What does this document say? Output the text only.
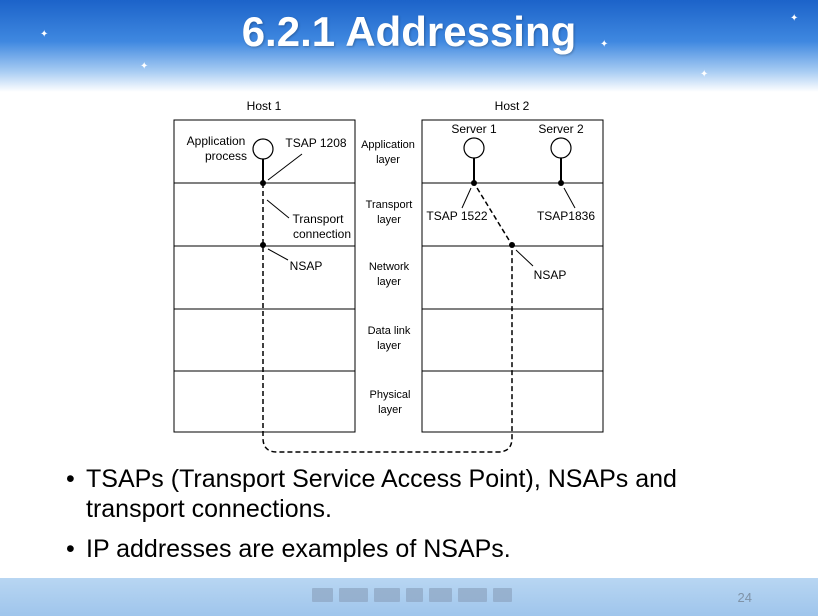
✦
✦
✦
✦
✦
6.2.1 Addressing
Host 1	Host 2
Application
layer
Transport
layer
Network
layer
Data link
layer
Physical
layer
Application
process
TSAP 1208
Transport
connection
NSAP
Server 1	Server 2
TSAP 1522	TSAP1836
NSAP
• TSAPs (Transport Service Access Point), NSAPs and
transport connections.
• IP addresses are examples of NSAPs.
24
